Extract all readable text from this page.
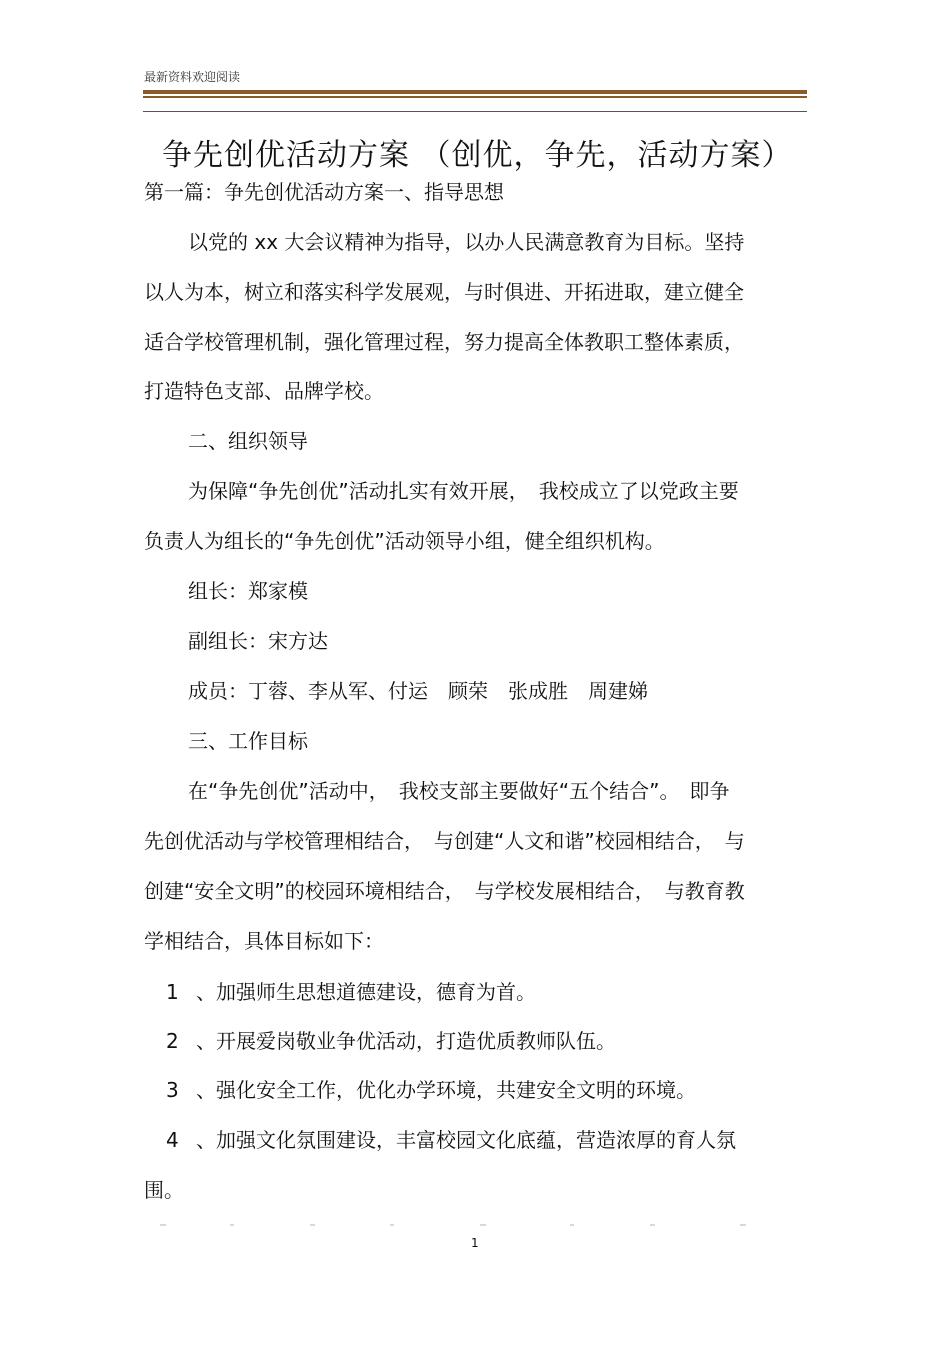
最新资料欢迎阅读
争先创优活动方案 （创优，争先，活动方案）
第一篇：争先创优活动方案一、指导思想
以党的 xx 大会议精神为指导，以办人民满意教育为目标。坚持
以人为本，树立和落实科学发展观，与时俱进、开拓进取，建立健全
适合学校管理机制，强化管理过程，努力提高全体教职工整体素质，
打造特色支部、品牌学校。
二、组织领导
为保障“争先创优”活动扎实有效开展，　我校成立了以党政主要
负责人为组长的“争先创优”活动领导小组，健全组织机构。
组长：郑家模
副组长：宋方达
成员：丁蓉、李从军、付运　顾荣　张成胜　周建娣
三、工作目标
在“争先创优”活动中，　我校支部主要做好“五个结合”。　即争
先创优活动与学校管理相结合，　与创建“人文和谐”校园相结合，　与
创建“安全文明”的校园环境相结合，　与学校发展相结合，　与教育教
学相结合，具体目标如下：
1 、加强师生思想道德建设，德育为首。
2 、开展爱岗敬业争优活动，打造优质教师队伍。
3 、强化安全工作，优化办学环境，共建安全文明的环境。
4 、加强文化氛围建设，丰富校园文化底蕴，营造浓厚的育人氛
围。
1
